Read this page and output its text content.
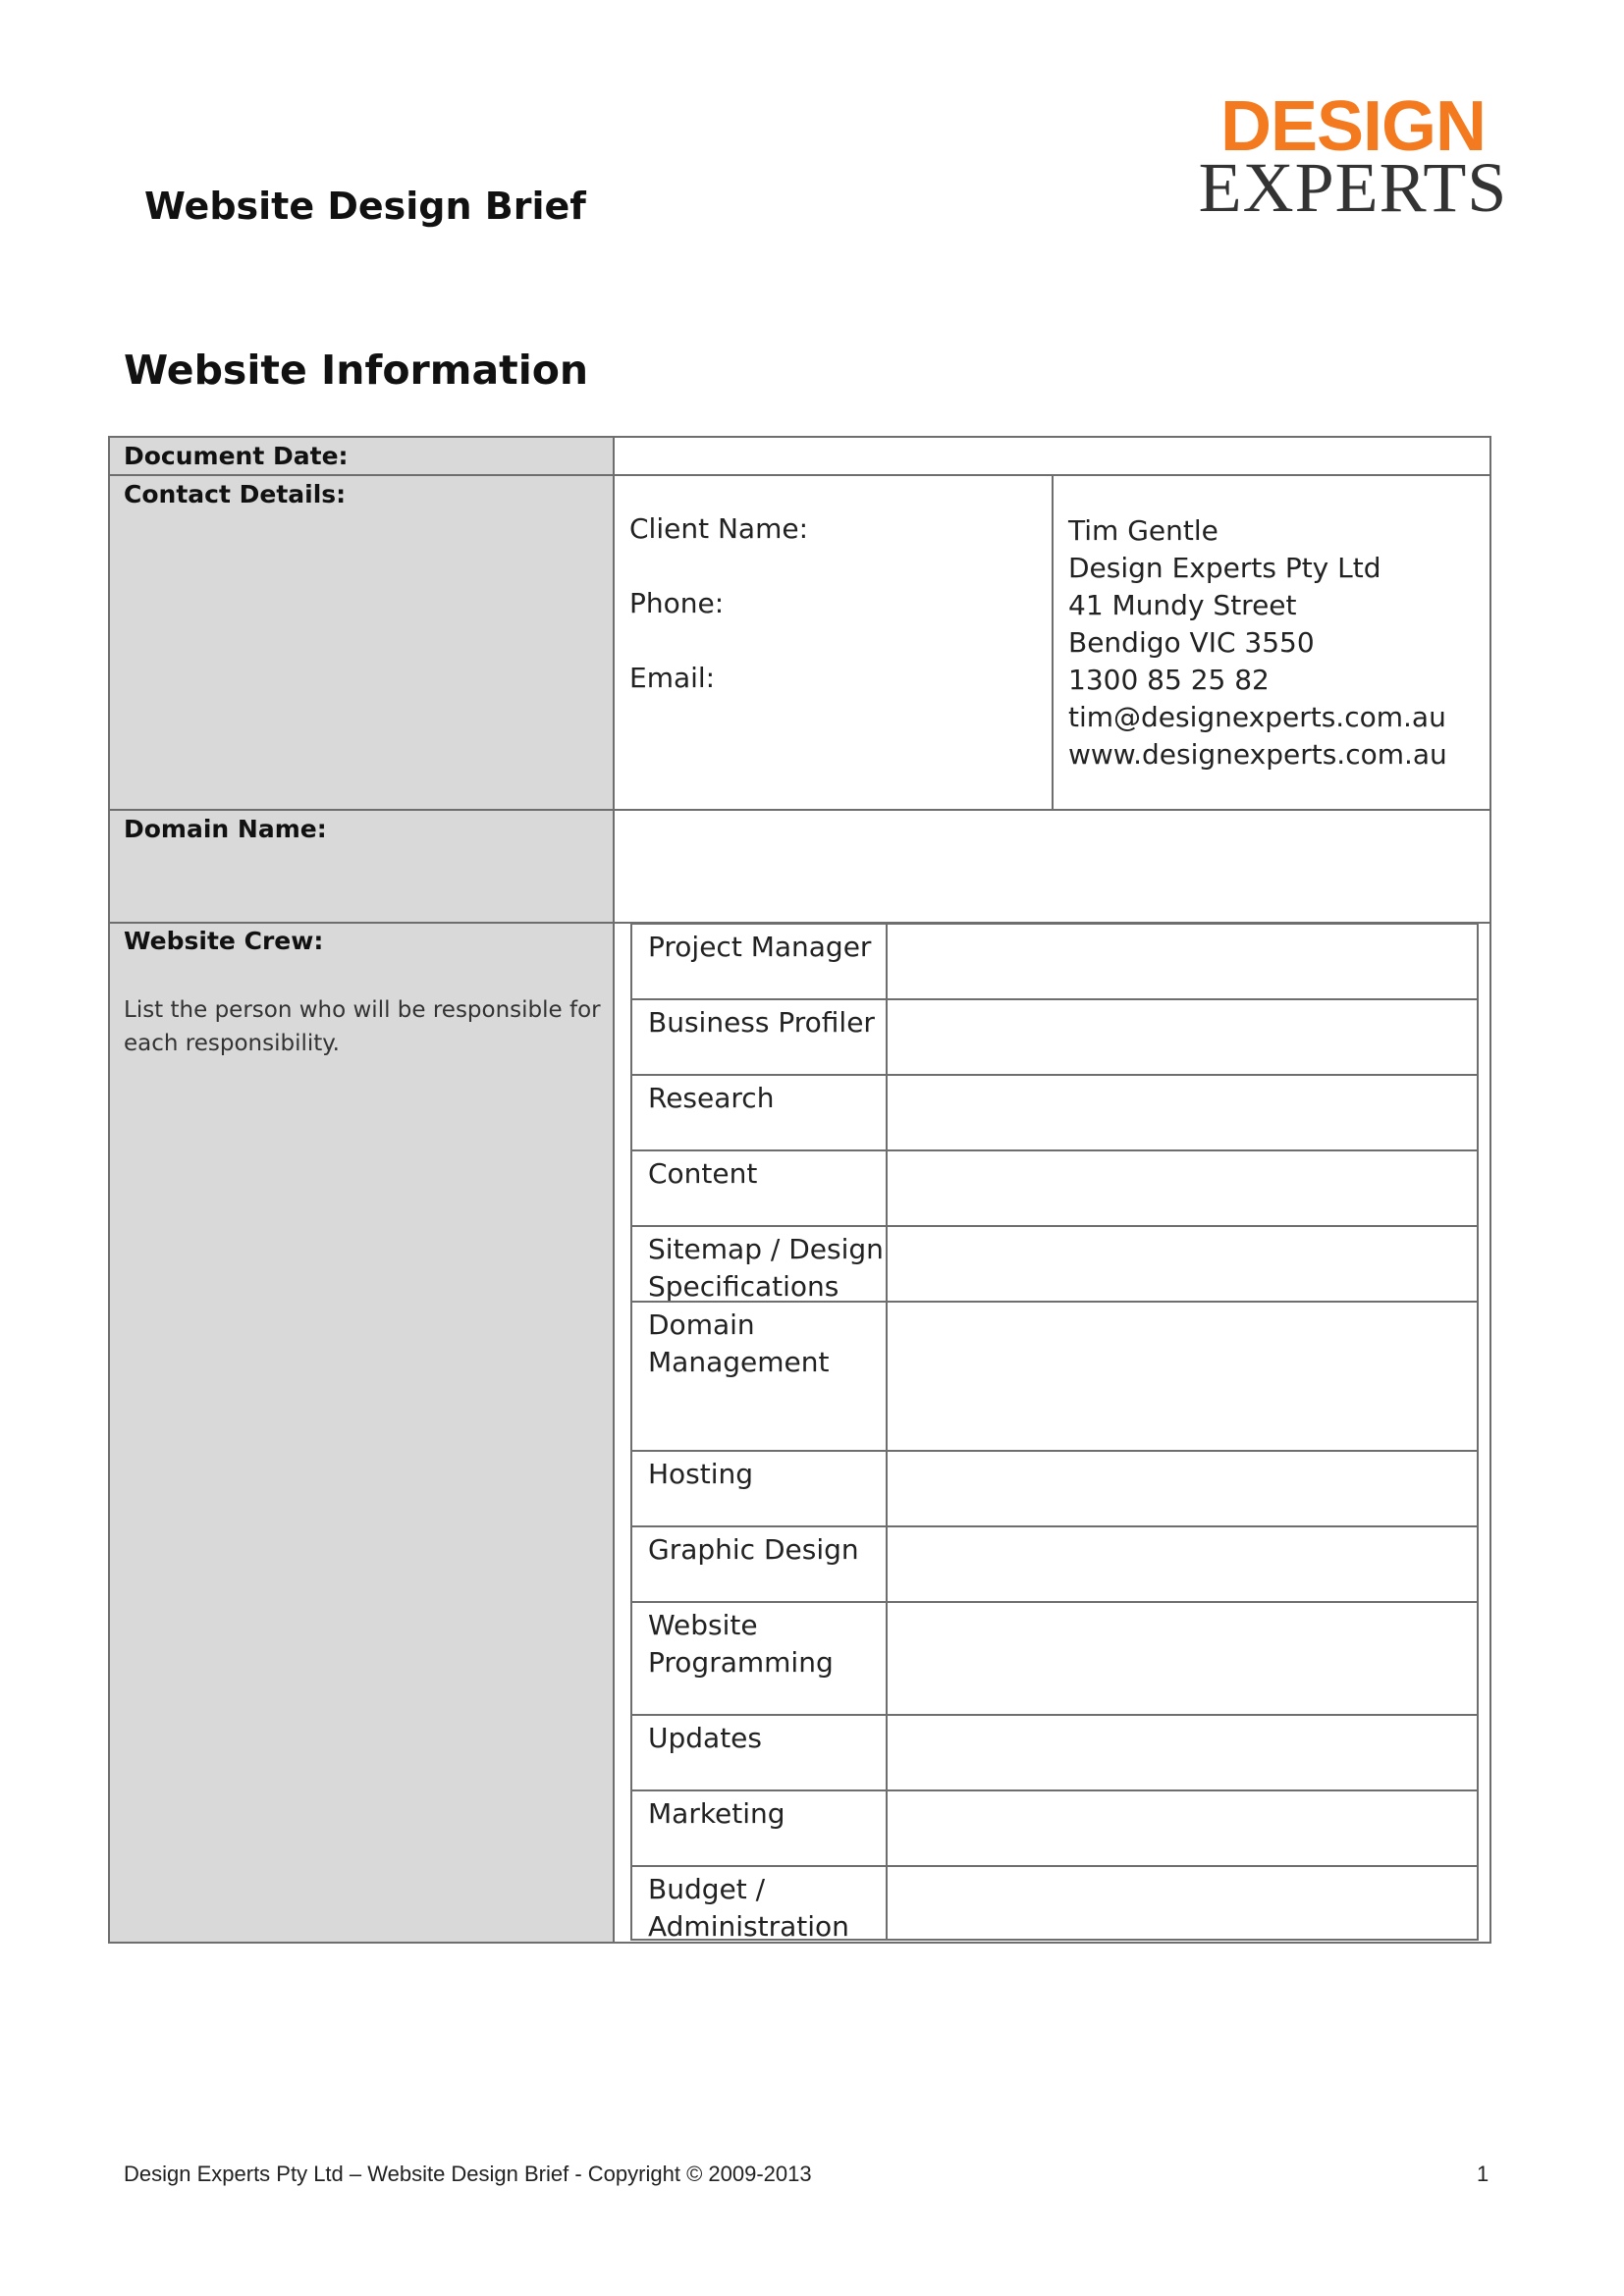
DESIGN
EXPERTS
Website Design Brief
Website Information
Document Date:
Contact Details:
Domain Name:
Website Crew:
Client Name:
Phone:
Email:
Tim Gentle
Design Experts Pty Ltd
41 Mundy Street
Bendigo VIC 3550
1300 85 25 82
tim@designexperts.com.au
www.designexperts.com.au
List the person who will be responsible for each responsibility.
Project Manager
Business Profiler
Research
Content
Sitemap / Design Specifications
Domain Management
Hosting
Graphic Design
Website Programming
Updates
Marketing
Budget / Administration
Design Experts Pty Ltd – Website Design Brief - Copyright © 2009-2013	1
